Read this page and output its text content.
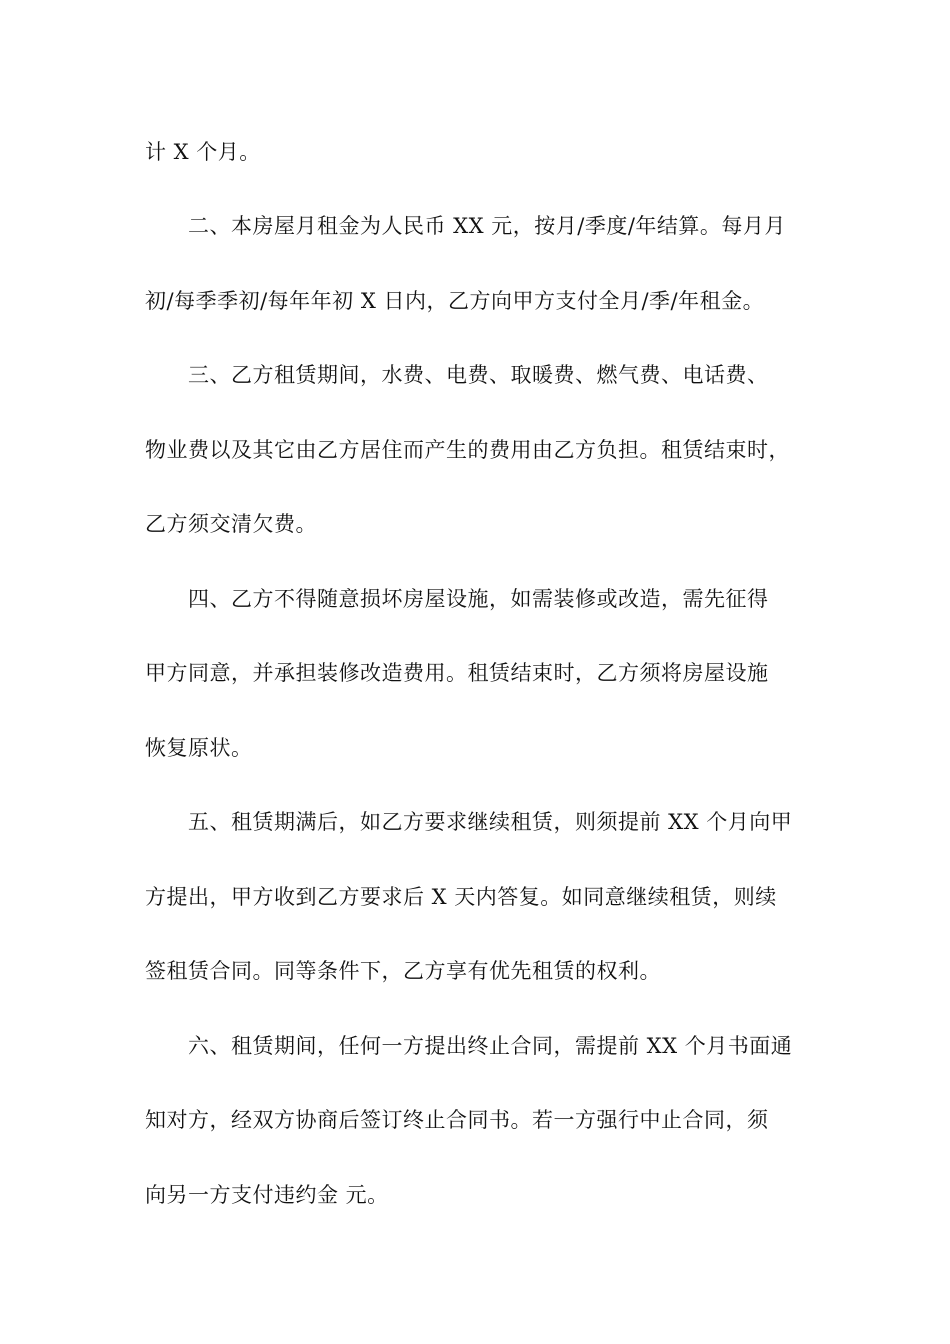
计 X 个月。
二、本房屋月租金为人民币 XX 元，按月/季度/年结算。每月月
初/每季季初/每年年初 X 日内，乙方向甲方支付全月/季/年租金。
三、乙方租赁期间，水费、电费、取暖费、燃气费、电话费、
物业费以及其它由乙方居住而产生的费用由乙方负担。租赁结束时，
乙方须交清欠费。
四、乙方不得随意损坏房屋设施，如需装修或改造，需先征得
甲方同意，并承担装修改造费用。租赁结束时，乙方须将房屋设施
恢复原状。
五、租赁期满后，如乙方要求继续租赁，则须提前 XX 个月向甲
方提出，甲方收到乙方要求后 X 天内答复。如同意继续租赁，则续
签租赁合同。同等条件下，乙方享有优先租赁的权利。
六、租赁期间，任何一方提出终止合同，需提前 XX 个月书面通
知对方，经双方协商后签订终止合同书。若一方强行中止合同，须
向另一方支付违约金 元。
